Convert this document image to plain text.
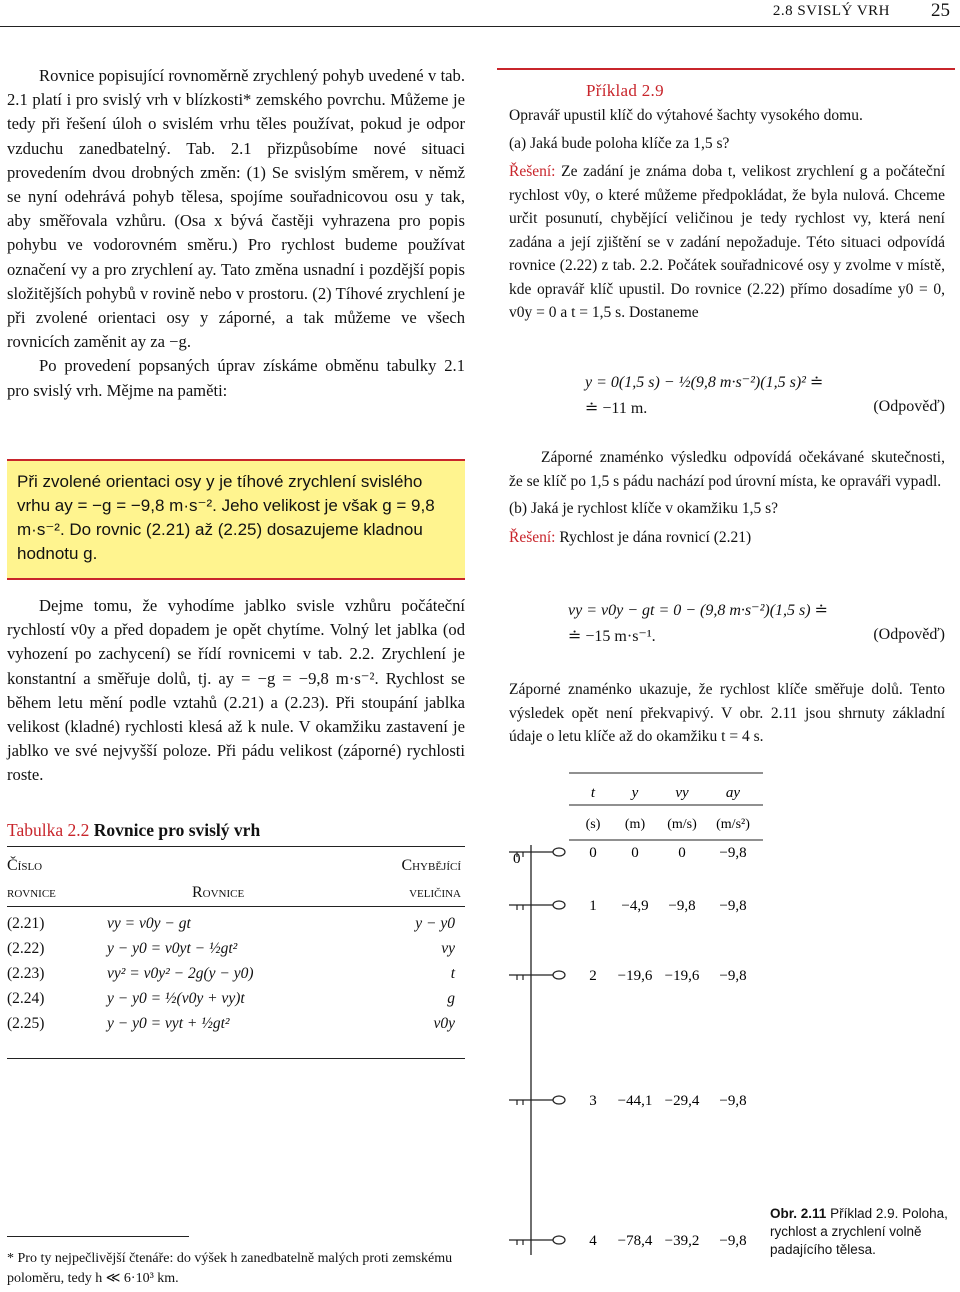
2.8 SVISLÝ VRH 25

Rovnice popisující rovnoměrně zrychlený pohyb uvedené v tab. 2.1 platí i pro svislý vrh v blízkosti* zemského povrchu. Můžeme je tedy při řešení úloh o svislém vrhu těles používat, pokud je odpor vzduchu zanedbatelný. Tab. 2.1 přizpůsobíme nové situaci provedením dvou drobných změn: (1) Se svislým směrem, v němž se nyní odehrává pohyb tělesa, spojíme souřadnicovou osu y tak, aby směřovala vzhůru. (Osa x bývá častěji vyhrazena pro popis pohybu ve vodorovném směru.) Pro rychlost budeme používat označení vy a pro zrychlení ay. Tato změna usnadní i pozdější popis složitějších pohybů v rovině nebo v prostoru. (2) Tíhové zrychlení je při zvolené orientaci osy y záporné, a tak můžeme ve všech rovnicích zaměnit ay za −g.

Po provedení popsaných úprav získáme obměnu tabulky 2.1 pro svislý vrh. Mějme na paměti:

Při zvolené orientaci osy y je tíhové zrychlení svislého vrhu ay = −g = −9,8 m·s⁻². Jeho velikost je však g = 9,8 m·s⁻². Do rovnic (2.21) až (2.25) dosazujeme kladnou hodnotu g.

Dejme tomu, že vyhodíme jablko svisle vzhůru počáteční rychlostí v0y a před dopadem je opět chytíme. Volný let jablka (od vyhození po zachycení) se řídí rovnicemi v tab. 2.2. Zrychlení je konstantní a směřuje dolů, tj. ay = −g = −9,8 m·s⁻². Rychlost se během letu mění podle vztahů (2.21) a (2.23). Při stoupání jablka velikost (kladné) rychlosti klesá až k nule. V okamžiku zastavení je jablko ve své nejvyšší poloze. Při pádu velikost (záporné) rychlosti roste.

Tabulka 2.2 Rovnice pro svislý vrh
Číslo
rovnice	Rovnice
Chybějící
veličina
(2.21)	vy = v0y − gt	y − y0
(2.22)	y − y0 = v0yt − ½gt²	vy
(2.23)	vy² = v0y² − 2g(y − y0)	t
(2.24)	y − y0 = ½(v0y + vy)t	g
(2.25)	y − y0 = vyt + ½gt²	v0y
* Pro ty nejpečlivější čtenáře: do výšek h zanedbatelně malých proti zemskému poloměru, tedy h ≪ 6·10³ km.
Příklad 2.9
Opravář upustil klíč do výtahové šachty vysokého domu.
(a) Jaká bude poloha klíče za 1,5 s?
Řešení: Ze zadání je známa doba t, velikost zrychlení g a počáteční rychlost v0y, o které můžeme předpokládat, že byla nulová. Chceme určit posunutí, chybějící veličinou je tedy rychlost vy, která není zadána a její zjištění se v zadání nepožaduje. Této situaci odpovídá rovnice (2.22) z tab. 2.2. Počátek souřadnicové osy y zvolme v místě, kde opravář klíč upustil. Do rovnice (2.22) přímo dosadíme y0 = 0, v0y = 0 a t = 1,5 s. Dostaneme
y = 0(1,5 s) − ½(9,8 m·s⁻²)(1,5 s)² ≐
≐ −11 m.	(Odpověď)
Záporné znaménko výsledku odpovídá očekávané skutečnosti, že se klíč po 1,5 s pádu nachází pod úrovní místa, ke opraváři vypadl.
(b) Jaká je rychlost klíče v okamžiku 1,5 s?
Řešení: Rychlost je dána rovnicí (2.21)
vy = v0y − gt = 0 − (9,8 m·s⁻²)(1,5 s) ≐
≐ −15 m·s⁻¹.	(Odpověď)
Záporné znaménko ukazuje, že rychlost klíče směřuje dolů. Tento výsledek opět není překvapivý. V obr. 2.11 jsou shrnuty základní údaje o letu klíče až do okamžiku t = 4 s.
0
t y vy ay
(s) (m) (m/s) (m/s²)
0 0	0 −9,8
1 −4,9 −9,8 −9,8
2 −19,6 −19,6 −9,8
3 −44,1 −29,4 −9,8
4 −78,4 −39,2 −9,8
Obr. 2.11 Příklad 2.9. Poloha, rychlost a zrychlení volně padajícího tělesa.
